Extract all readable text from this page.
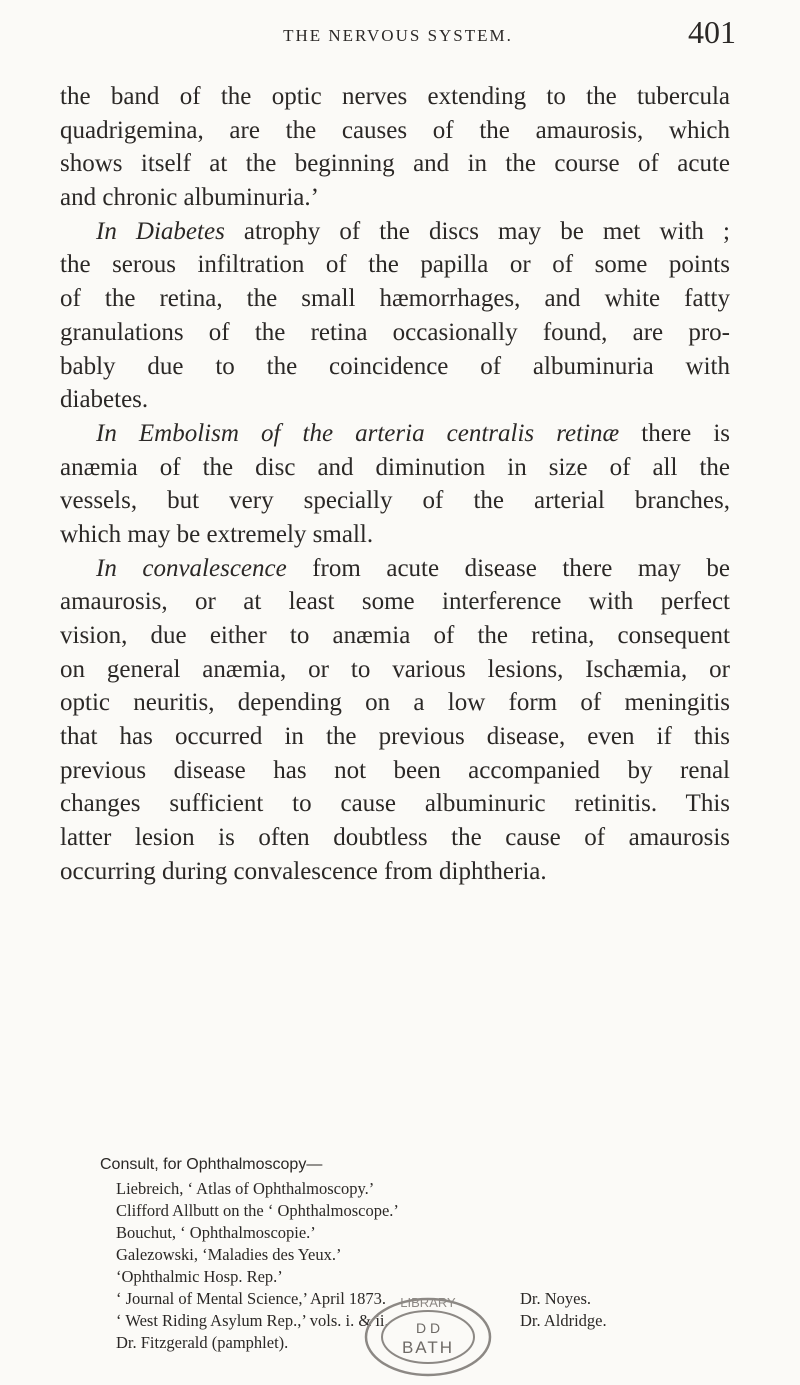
THE NERVOUS SYSTEM.	401
the band of the optic nerves extending to the tubercula
quadrigemina, are the causes of the amaurosis, which
shows itself at the beginning and in the course of acute
and chronic albuminuria.’
In Diabetes atrophy of the discs may be met with ;
the serous infiltration of the papilla or of some points
of the retina, the small hæmorrhages, and white fatty
granulations of the retina occasionally found, are pro-
bably due to the coincidence of albuminuria with
diabetes.
In Embolism of the arteria centralis retinæ there is
anæmia of the disc and diminution in size of all the
vessels, but very specially of the arterial branches,
which may be extremely small.
In convalescence from acute disease there may be
amaurosis, or at least some interference with perfect
vision, due either to anæmia of the retina, consequent
on general anæmia, or to various lesions, Ischæmia, or
optic neuritis, depending on a low form of meningitis
that has occurred in the previous disease, even if this
previous disease has not been accompanied by renal
changes sufficient to cause albuminuric retinitis. This
latter lesion is often doubtless the cause of amaurosis
occurring during convalescence from diphtheria.
Consult, for Ophthalmoscopy—
Liebreich, ‘ Atlas of Ophthalmoscopy.’
Clifford Allbutt on the ‘ Ophthalmoscope.’
Bouchut, ‘ Ophthalmoscopie.’
Galezowski, ‘Maladies des Yeux.’
‘Ophthalmic Hosp. Rep.’
‘ Journal of Mental Science,’ April 1873.	Dr. Noyes.
‘ West Riding Asylum Rep.,’ vols. i. & ii.	Dr. Aldridge.
Dr. Fitzgerald (pamphlet).
LIBRARY
D D
BATH
